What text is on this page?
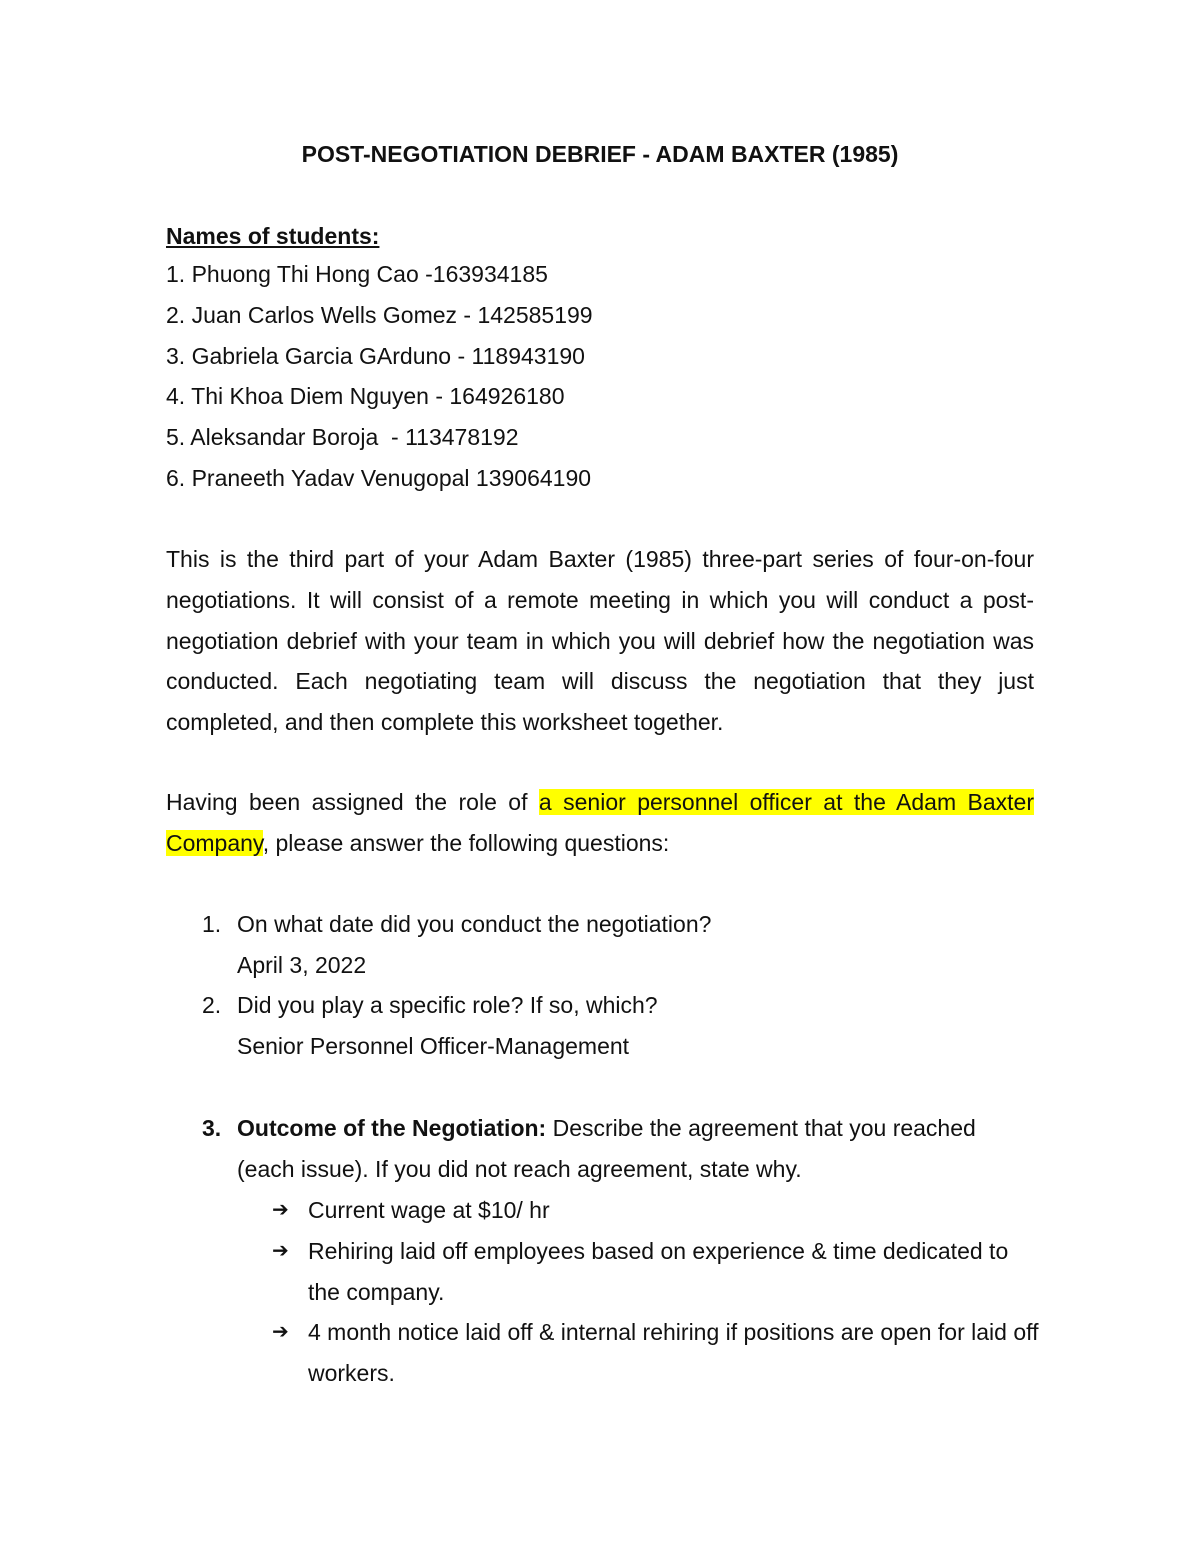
POST-NEGOTIATION DEBRIEF - ADAM BAXTER (1985)
Names of students:
1. Phuong Thi Hong Cao -163934185
2. Juan Carlos Wells Gomez - 142585199
3. Gabriela Garcia GArduno - 118943190
4. Thi Khoa Diem Nguyen - 164926180
5. Aleksandar Boroja  - 113478192
6. Praneeth Yadav Venugopal 139064190

This is the third part of your Adam Baxter (1985) three-part series of four-on-four negotiations. It will consist of a remote meeting in which you will conduct a post-negotiation debrief with your team in which you will debrief how the negotiation was conducted. Each negotiating team will discuss the negotiation that they just completed, and then complete this worksheet together.

Having been assigned the role of a senior personnel officer at the Adam Baxter Company, please answer the following questions:

1. On what date did you conduct the negotiation?
April 3, 2022
2. Did you play a specific role? If so, which?
Senior Personnel Officer-Management
3. Outcome of the Negotiation: Describe the agreement that you reached (each issue). If you did not reach agreement, state why.
➔ Current wage at $10/ hr
➔ Rehiring laid off employees based on experience & time dedicated to the company.
➔ 4 month notice laid off & internal rehiring if positions are open for laid off workers.
